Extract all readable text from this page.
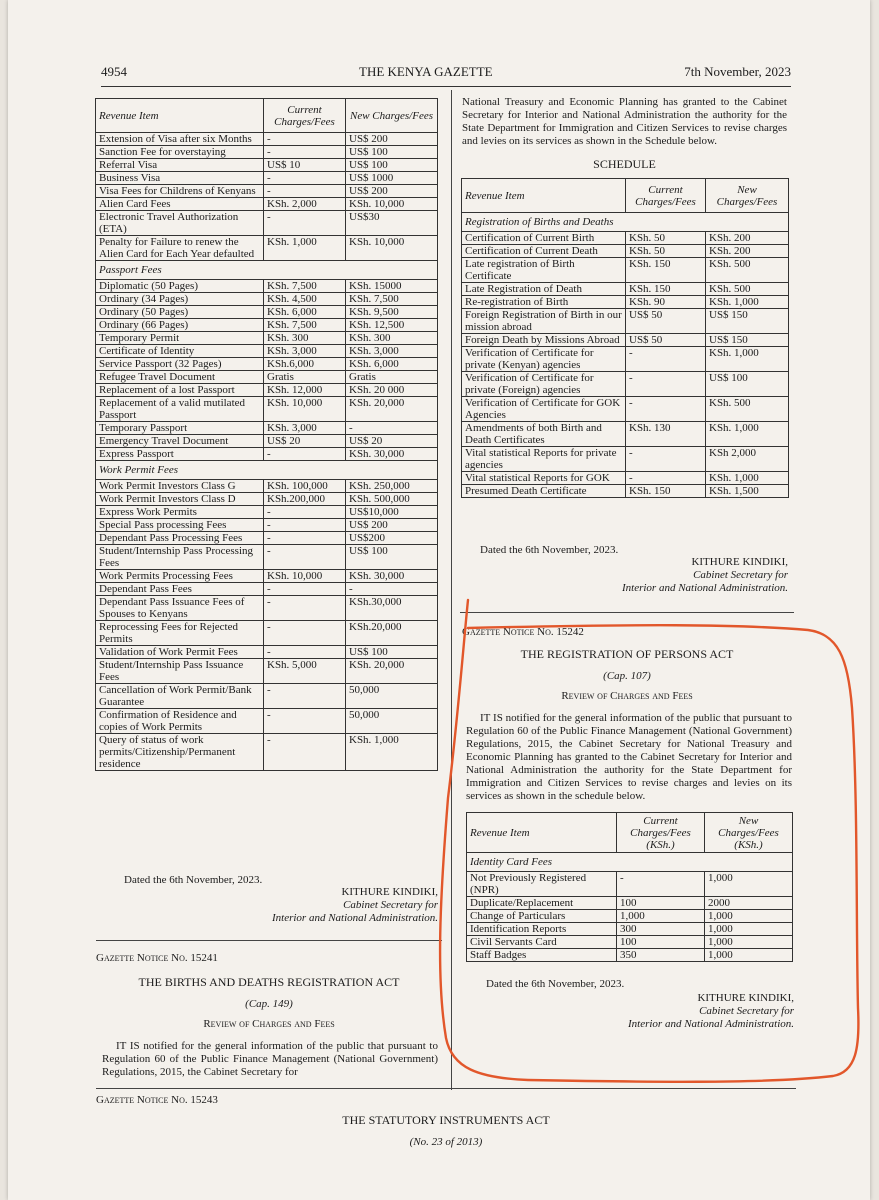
4954	THE KENYA GAZETTE	7th November, 2023
Revenue Item	Current Charges/Fees	New Charges/Fees
Extension of Visa after six Months	-	US$ 200
Sanction Fee for overstaying	-	US$ 100
Referral Visa	US$ 10	US$ 100
Business Visa	-	US$ 1000
Visa Fees for Childrens of Kenyans	-	US$ 200
Alien Card Fees	KSh. 2,000	KSh. 10,000
Electronic Travel Authorization (ETA)	-	US$30
Penalty for Failure to renew the Alien Card for Each Year defaulted	KSh. 1,000	KSh. 10,000
Passport Fees		
Diplomatic (50 Pages)	KSh. 7,500	KSh. 15000
Ordinary (34 Pages)	KSh. 4,500	KSh. 7,500
Ordinary (50 Pages)	KSh. 6,000	KSh. 9,500
Ordinary (66 Pages)	KSh. 7,500	KSh. 12,500
Temporary Permit	KSh. 300	KSh. 300
Certificate of Identity	KSh. 3,000	KSh. 3,000
Service Passport (32 Pages)	KSh.6,000	KSh. 6,000
Refugee Travel Document	Gratis	Gratis
Replacement of a lost Passport	KSh. 12,000	KSh. 20 000
Replacement of a valid mutilated Passport	KSh. 10,000	KSh. 20,000
Temporary Passport	KSh. 3,000	-
Emergency Travel Document	US$ 20	US$ 20
Express Passport	-	KSh. 30,000
Work Permit Fees		
Work Permit Investors Class G	KSh. 100,000	KSh. 250,000
Work Permit Investors Class D	KSh.200,000	KSh. 500,000
Express Work Permits	-	US$10,000
Special Pass processing Fees	-	US$ 200
Dependant Pass Processing Fees	-	US$200
Student/Internship Pass Processing Fees	-	US$ 100
Work Permits Processing Fees	KSh. 10,000	KSh. 30,000
Dependant Pass Fees	-	-
Dependant Pass Issuance Fees of Spouses to Kenyans	-	KSh.30,000
Reprocessing Fees for Rejected Permits	-	KSh.20,000
Validation of Work Permit Fees	-	US$ 100
Student/Internship Pass Issuance Fees	KSh. 5,000	KSh. 20,000
Cancellation of Work Permit/Bank Guarantee	-	50,000
Confirmation of Residence and copies of Work Permits	-	50,000
Query of status of work permits/Citizenship/Permanent residence	-	KSh. 1,000
Dated the 6th November, 2023.
KITHURE KINDIKI,
Cabinet Secretary for
Interior and National Administration.
Gazette Notice No. 15241
THE BIRTHS AND DEATHS REGISTRATION ACT
(Cap. 149)
Review of Charges and Fees
IT IS notified for the general information of the public that pursuant to Regulation 60 of the Public Finance Management (National Government) Regulations, 2015, the Cabinet Secretary for
Gazette Notice No. 15243
THE STATUTORY INSTRUMENTS ACT
(No. 23 of 2013)
National Treasury and Economic Planning has granted to the Cabinet Secretary for Interior and National Administration the authority for the State Department for Immigration and Citizen Services to revise charges and levies on its services as shown in the Schedule below.
SCHEDULE
Revenue Item	Current Charges/Fees	New Charges/Fees
Registration of Births and Deaths		
Certification of Current Birth	KSh. 50	KSh. 200
Certification of Current Death	KSh. 50	KSh. 200
Late registration of Birth Certificate	KSh. 150	KSh. 500
Late Registration of Death	KSh. 150	KSh. 500
Re-registration of Birth	KSh. 90	KSh. 1,000
Foreign Registration of Birth in our mission abroad	US$ 50	US$ 150
Foreign Death by Missions Abroad	US$ 50	US$ 150
Verification of Certificate for private (Kenyan) agencies	-	KSh. 1,000
Verification of Certificate for private (Foreign) agencies	-	US$ 100
Verification of Certificate for GOK Agencies	-	KSh. 500
Amendments of both Birth and Death Certificates	KSh. 130	KSh. 1,000
Vital statistical Reports for private agencies	-	KSh 2,000
Vital statistical Reports for GOK	-	KSh. 1,000
Presumed Death Certificate	KSh. 150	KSh. 1,500
Dated the 6th November, 2023.
KITHURE KINDIKI,
Cabinet Secretary for
Interior and National Administration.
Gazette Notice No. 15242
THE REGISTRATION OF PERSONS ACT
(Cap. 107)
Review of Charges and Fees
IT IS notified for the general information of the public that pursuant to Regulation 60 of the Public Finance Management (National Government) Regulations, 2015, the Cabinet Secretary for National Treasury and Economic Planning has granted to the Cabinet Secretary for Interior and National Administration the authority for the State Department for Immigration and Citizen Services to revise charges and levies on its services as shown in the schedule below.
Revenue Item	Current Charges/Fees (KSh.)	New Charges/Fees (KSh.)
Identity Card Fees		
Not Previously Registered (NPR)	-	1,000
Duplicate/Replacement	100	2000
Change of Particulars	1,000	1,000
Identification Reports	300	1,000
Civil Servants Card	100	1,000
Staff Badges	350	1,000
Dated the 6th November, 2023.
KITHURE KINDIKI,
Cabinet Secretary for
Interior and National Administration.
